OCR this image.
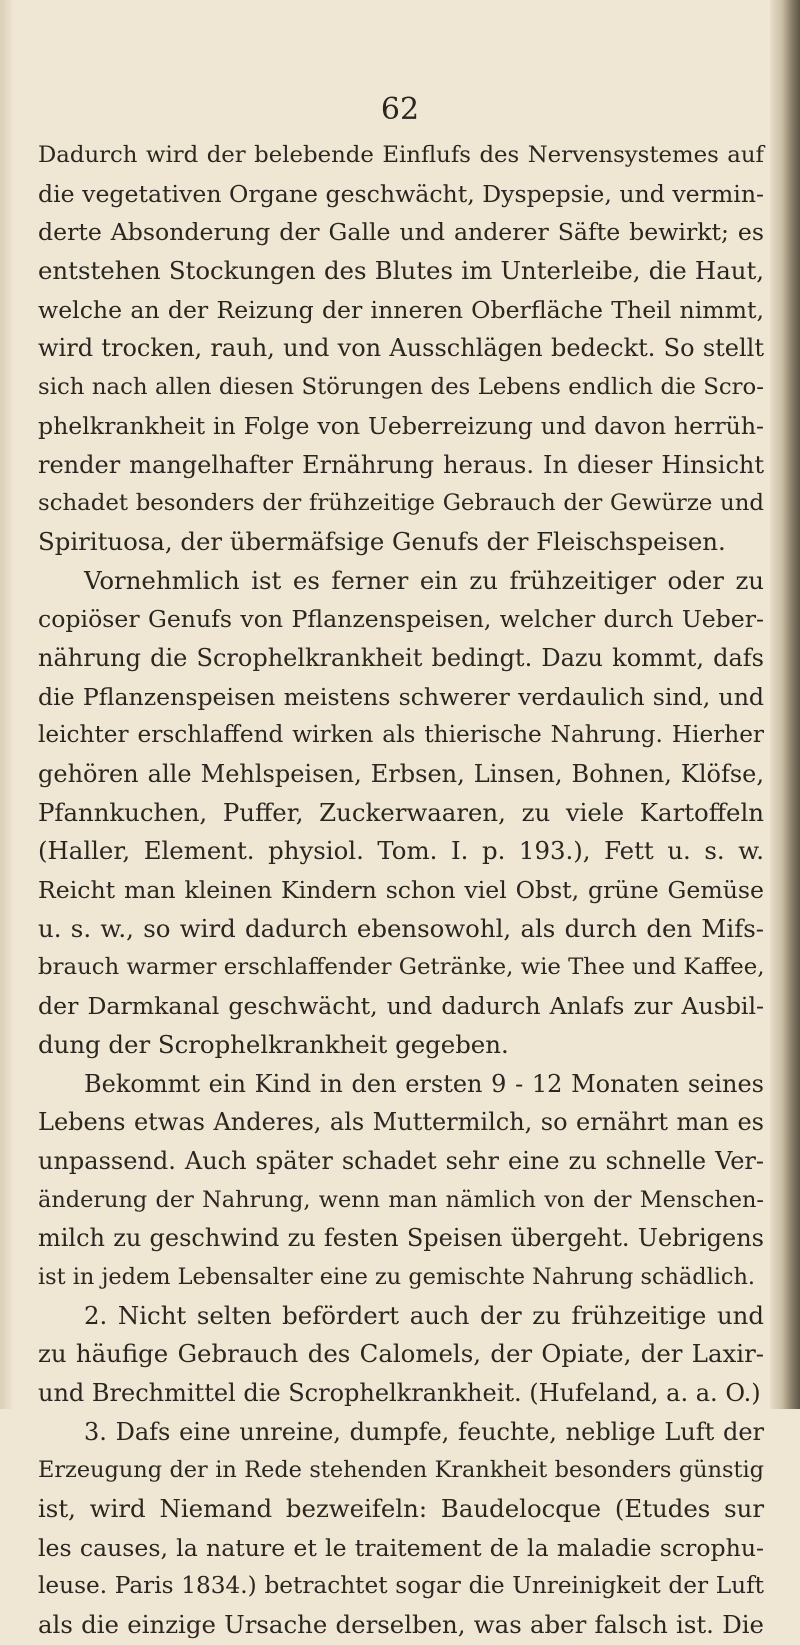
62
Dadurch wird der belebende Einflufs des Nervensystemes auf
die vegetativen Organe geschwächt, Dyspepsie, und vermin-
derte Absonderung der Galle und anderer Säfte bewirkt; es
entstehen Stockungen des Blutes im Unterleibe, die Haut,
welche an der Reizung der inneren Oberfläche Theil nimmt,
wird trocken, rauh, und von Ausschlägen bedeckt. So stellt
sich nach allen diesen Störungen des Lebens endlich die Scro-
phelkrankheit in Folge von Ueberreizung und davon herrüh-
render mangelhafter Ernährung heraus. In dieser Hinsicht
schadet besonders der frühzeitige Gebrauch der Gewürze und
Spirituosa, der übermäfsige Genufs der Fleischspeisen.
Vornehmlich ist es ferner ein zu frühzeitiger oder zu
copiöser Genufs von Pflanzenspeisen, welcher durch Ueber-
nährung die Scrophelkrankheit bedingt. Dazu kommt, dafs
die Pflanzenspeisen meistens schwerer verdaulich sind, und
leichter erschlaffend wirken als thierische Nahrung. Hierher
gehören alle Mehlspeisen, Erbsen, Linsen, Bohnen, Klöfse,
Pfannkuchen, Puffer, Zuckerwaaren, zu viele Kartoffeln
(Haller, Element. physiol. Tom. I. p. 193.), Fett u. s. w.
Reicht man kleinen Kindern schon viel Obst, grüne Gemüse
u. s. w., so wird dadurch ebensowohl, als durch den Mifs-
brauch warmer erschlaffender Getränke, wie Thee und Kaffee,
der Darmkanal geschwächt, und dadurch Anlafs zur Ausbil-
dung der Scrophelkrankheit gegeben.
Bekommt ein Kind in den ersten 9 - 12 Monaten seines
Lebens etwas Anderes, als Muttermilch, so ernährt man es
unpassend. Auch später schadet sehr eine zu schnelle Ver-
änderung der Nahrung, wenn man nämlich von der Menschen-
milch zu geschwind zu festen Speisen übergeht. Uebrigens
ist in jedem Lebensalter eine zu gemischte Nahrung schädlich.
2. Nicht selten befördert auch der zu frühzeitige und
zu häufige Gebrauch des Calomels, der Opiate, der Laxir-
und Brechmittel die Scrophelkrankheit. (Hufeland, a. a. O.)
3. Dafs eine unreine, dumpfe, feuchte, neblige Luft der
Erzeugung der in Rede stehenden Krankheit besonders günstig
ist, wird Niemand bezweifeln: Baudelocque (Etudes sur
les causes, la nature et le traitement de la maladie scrophu-
leuse. Paris 1834.) betrachtet sogar die Unreinigkeit der Luft
als die einzige Ursache derselben, was aber falsch ist. Die
